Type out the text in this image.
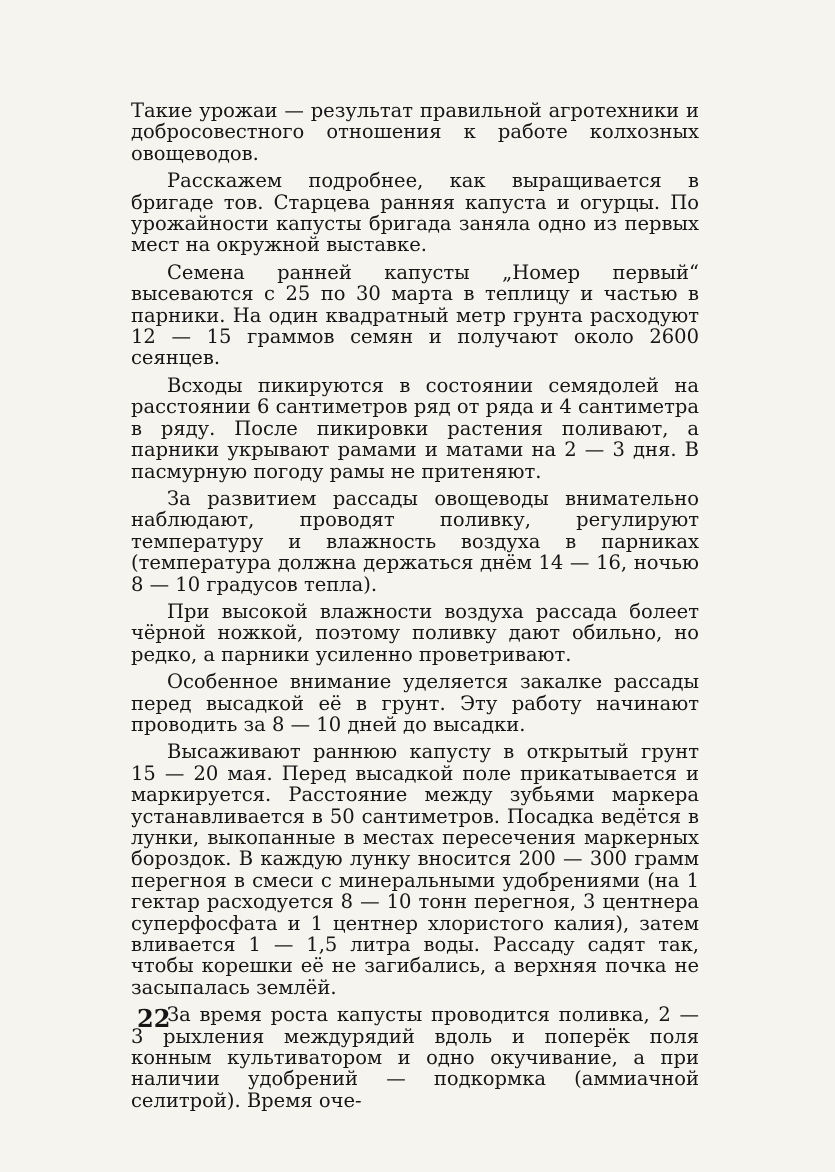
Такие урожаи — результат правильной агротехники и добросовестного отношения к работе колхозных овощеводов.

Расскажем подробнее, как выращивается в бригаде тов. Старцева ранняя капуста и огурцы. По урожайности капусты бригада заняла одно из первых мест на окружной выставке.

Семена ранней капусты „Номер первый“ высеваются с 25 по 30 марта в теплицу и частью в парники. На один квадратный метр грунта расходуют 12 — 15 граммов семян и получают около 2600 сеянцев.

Всходы пикируются в состоянии семядолей на расстоянии 6 сантиметров ряд от ряда и 4 сантиметра в ряду. После пикировки растения поливают, а парники укрывают рамами и матами на 2 — 3 дня. В пасмурную погоду рамы не притеняют.

За развитием рассады овощеводы внимательно наблюдают, проводят поливку, регулируют температуру и влажность воздуха в парниках (температура должна держаться днём 14 — 16, ночью 8 — 10 градусов тепла).

При высокой влажности воздуха рассада болеет чёрной ножкой, поэтому поливку дают обильно, но редко, а парники усиленно проветривают.

Особенное внимание уделяется закалке рассады перед высадкой её в грунт. Эту работу начинают проводить за 8 — 10 дней до высадки.

Высаживают раннюю капусту в открытый грунт 15 — 20 мая. Перед высадкой поле прикатывается и маркируется. Расстояние между зубьями маркера устанавливается в 50 сантиметров. Посадка ведётся в лунки, выкопанные в местах пересечения маркерных бороздок. В каждую лунку вносится 200 — 300 грамм перегноя в смеси с минеральными удобрениями (на 1 гектар расходуется 8 — 10 тонн перегноя, 3 центнера суперфосфата и 1 центнер хлористого калия), затем вливается 1 — 1,5 литра воды. Рассаду садят так, чтобы корешки её не загибались, а верхняя почка не засыпалась землёй.

За время роста капусты проводится поливка, 2 — 3 рыхления междурядий вдоль и поперёк поля конным культиватором и одно окучивание, а при наличии удобрений — подкормка (аммиачной селитрой). Время оче-

22
